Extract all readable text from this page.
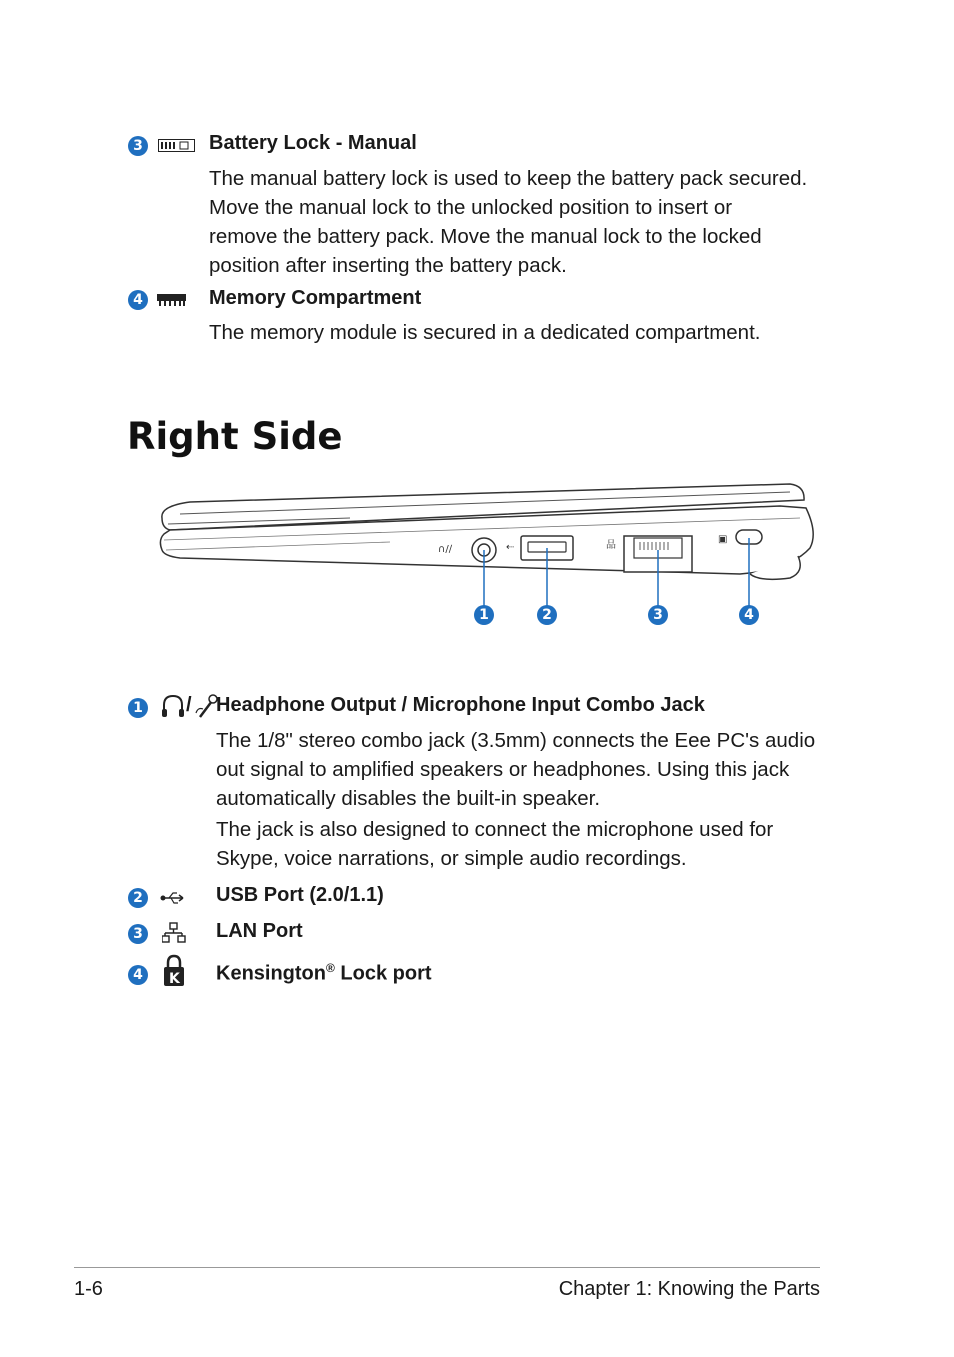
3	Battery Lock - Manual
The manual battery lock is used to keep the battery pack secured.
Move the manual lock to the unlocked position to insert or
remove the battery pack. Move the manual lock to the locked
position after inserting the battery pack.
4	Memory Compartment
The memory module is secured in a dedicated compartment.
Right Side
∩/∕	⇠	品
▣
1	2	3	4
1 / Headphone Output / Microphone Input Combo Jack
The 1/8" stereo combo jack (3.5mm) connects the Eee PC's audio
out signal to amplified speakers or headphones. Using this jack
automatically disables the built-in speaker.
The jack is also designed to connect the microphone used for
Skype, voice narrations, or simple audio recordings.
2	USB Port (2.0/1.1)
3	LAN Port
4	K Kensington® Lock port
1-6	Chapter 1: Knowing the Parts
